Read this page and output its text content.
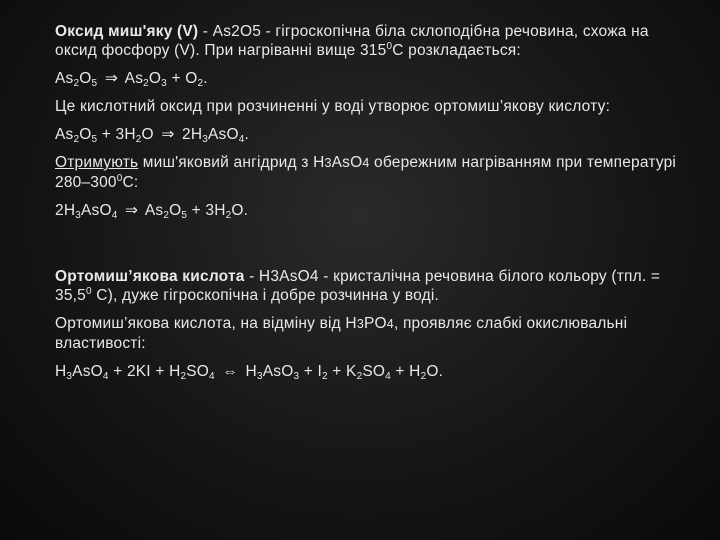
Оксид миш'яку (V) - As2O5 - гігроскопічна біла склоподібна речовина, схожа на оксид фосфору (V). При нагріванні вище $315^0С$ розкладається:

$As_2O_5$ ⇒ $As_2O_3 + O_2$.

Це кислотний оксид при розчиненні у воді утворює ортомиш’якову кислоту:

$As_2O_5 + 3H_2O$ ⇒ $2H_3AsO_4$.

Отримують миш'яковий ангідрид з H3AsO4 обережним нагріванням при температурі $280-300^0С$:

$2H_3AsO_4$ ⇒ $As_2O_5 + 3H_2O$.

Ортомиш’якова кислота - H3AsO4 - кристалічна речовина білого кольору (тпл. = $35,5^0$ С), дуже гігроскопічна і добре розчинна у воді.

Ортомиш’якова кислота, на відміну від H3PO4, проявляє слабкі окислювальні властивості:

$H_3AsO_4 + 2KI + H_2SO_4$ ⇔ $H_3AsO_3 + I_2 + K_2SO_4 + H_2O$.
